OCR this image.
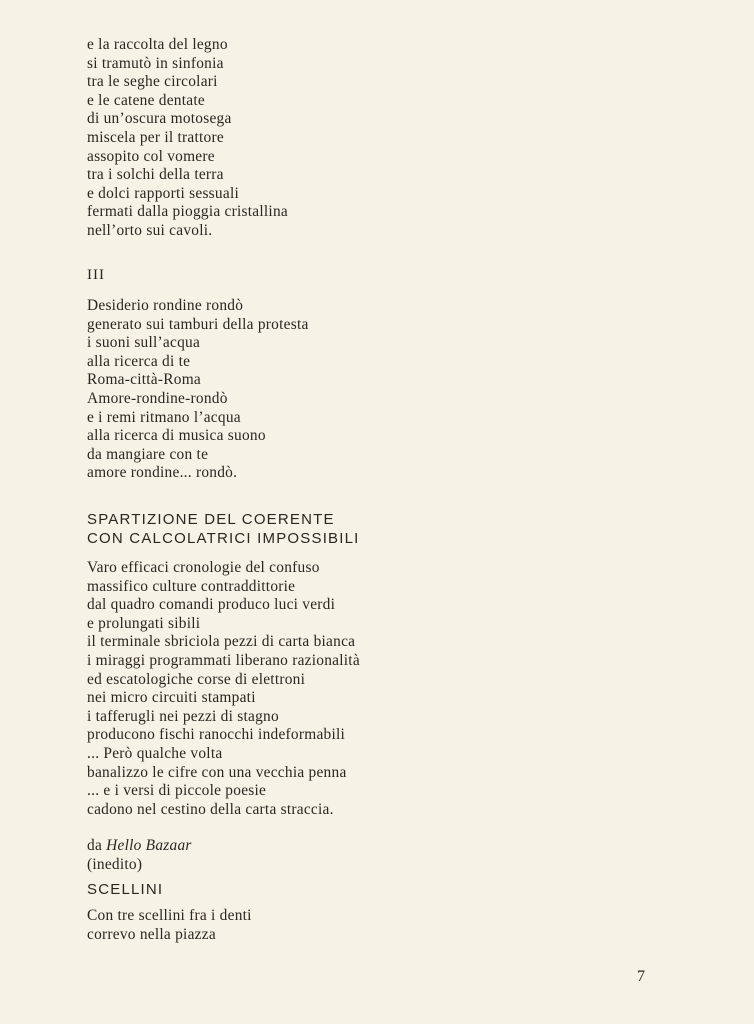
e la raccolta del legno
si tramutò in sinfonia
tra le seghe circolari
e le catene dentate
di un’oscura motosega
miscela per il trattore
assopito col vomere
tra i solchi della terra
e dolci rapporti sessuali
fermati dalla pioggia cristallina
nell’orto sui cavoli.
III
Desiderio rondine rondò
generato sui tamburi della protesta
i suoni sull’acqua
alla ricerca di te
Roma-città-Roma
Amore-rondine-rondò
e i remi ritmano l’acqua
alla ricerca di musica suono
da mangiare con te
amore rondine... rondò.
SPARTIZIONE DEL COERENTE
CON CALCOLATRICI IMPOSSIBILI
Varo efficaci cronologie del confuso
massifico culture contraddittorie
dal quadro comandi produco luci verdi
e prolungati sibili
il terminale sbriciola pezzi di carta bianca
i miraggi programmati liberano razionalità
ed escatologiche corse di elettroni
nei micro circuiti stampati
i tafferugli nei pezzi di stagno
producono fischi ranocchi indeformabili
... Però qualche volta
banalizzo le cifre con una vecchia penna
... e i versi di piccole poesie
cadono nel cestino della carta straccia.
da Hello Bazaar
(inedito)
SCELLINI
Con tre scellini fra i denti
correvo nella piazza
7
